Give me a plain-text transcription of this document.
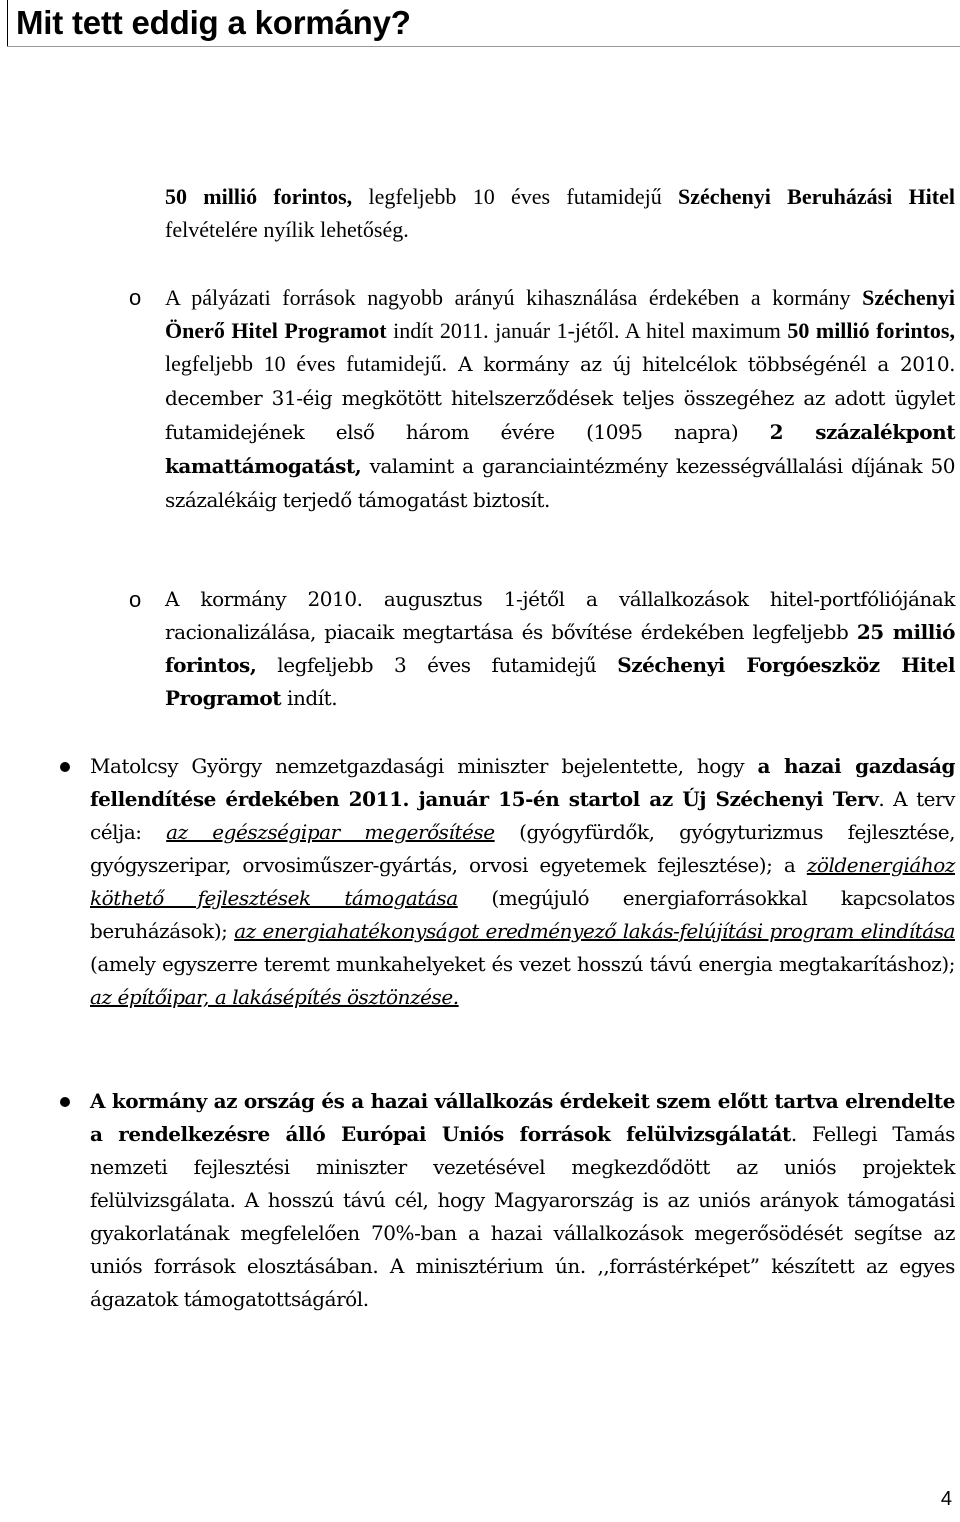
Mit tett eddig a kormány?

50 millió forintos, legfeljebb 10 éves futamidejű Széchenyi Beruházási Hitel felvételére nyílik lehetőség.

o A pályázati források nagyobb arányú kihasználása érdekében a kormány Széchenyi Önerő Hitel Programot indít 2011. január 1-jétől. A hitel maximum 50 millió forintos, legfeljebb 10 éves futamidejű. A kormány az új hitelcélok többségénél a 2010. december 31-éig megkötött hitelszerződések teljes összegéhez az adott ügylet futamidejének első három évére (1095 napra) 2 százalékpont kamattámogatást, valamint a garanciaintézmény kezességvállalási díjának 50 százalékáig terjedő támogatást biztosít.

o A kormány 2010. augusztus 1-jétől a vállalkozások hitel-portfóliójának racionalizálása, piacaik megtartása és bővítése érdekében legfeljebb 25 millió forintos, legfeljebb 3 éves futamidejű Széchenyi Forgóeszköz Hitel Programot indít.

Matolcsy György nemzetgazdasági miniszter bejelentette, hogy a hazai gazdaság fellendítése érdekében 2011. január 15-én startol az Új Széchenyi Terv. A terv célja: az egészségipar megerősítése (gyógyfürdők, gyógyturizmus fejlesztése, gyógyszeripar, orvosiműszer-gyártás, orvosi egyetemek fejlesztése); a zöldenergiához köthető fejlesztések támogatása (megújuló energiaforrásokkal kapcsolatos beruházások); az energiahatékonyságot eredményező lakás-felújítási program elindítása (amely egyszerre teremt munkahelyeket és vezet hosszú távú energia megtakarításhoz); az építőipar, a lakásépítés ösztönzése.

A kormány az ország és a hazai vállalkozás érdekeit szem előtt tartva elrendelte a rendelkezésre álló Európai Uniós források felülvizsgálatát. Fellegi Tamás nemzeti fejlesztési miniszter vezetésével megkezdődött az uniós projektek felülvizsgálata. A hosszú távú cél, hogy Magyarország is az uniós arányok támogatási gyakorlatának megfelelően 70%-ban a hazai vállalkozások megerősödését segítse az uniós források elosztásában. A minisztérium ún. ,,forrástérképet” készített az egyes ágazatok támogatottságáról.

4
